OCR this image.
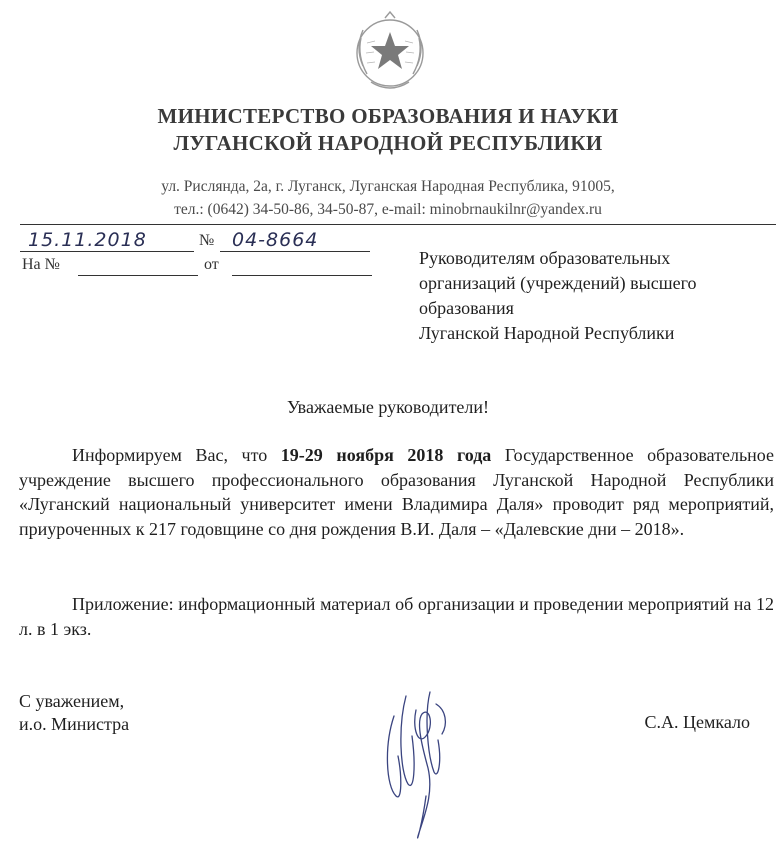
МИНИСТЕРСТВО ОБРАЗОВАНИЯ И НАУКИ
ЛУГАНСКОЙ НАРОДНОЙ РЕСПУБЛИКИ
ул. Рисляндa, 2а, г. Луганск, Луганская Народная Республика, 91005,
тел.: (0642) 34-50-86, 34-50-87, e-mail: minobrnaukilnr@yandex.ru
15.11.2018	№ 04-8664
На №	от	Руководителям образовательных
организаций (учреждений) высшего
образования
Луганской Народной Республики
Уважаемые руководители!

Информируем Вас, что 19-29 ноября 2018 года Государственное образовательное учреждение высшего профессионального образования Луганской Народной Республики «Луганский национальный университет имени Владимира Даля» проводит ряд мероприятий, приуроченных к 217 годовщине со дня рождения В.И. Даля – «Далевские дни – 2018».

Приложение: информационный материал об организации и проведении мероприятий на 12 л. в 1 экз.

С уважением,
и.о. Министра	С.А. Цемкало
